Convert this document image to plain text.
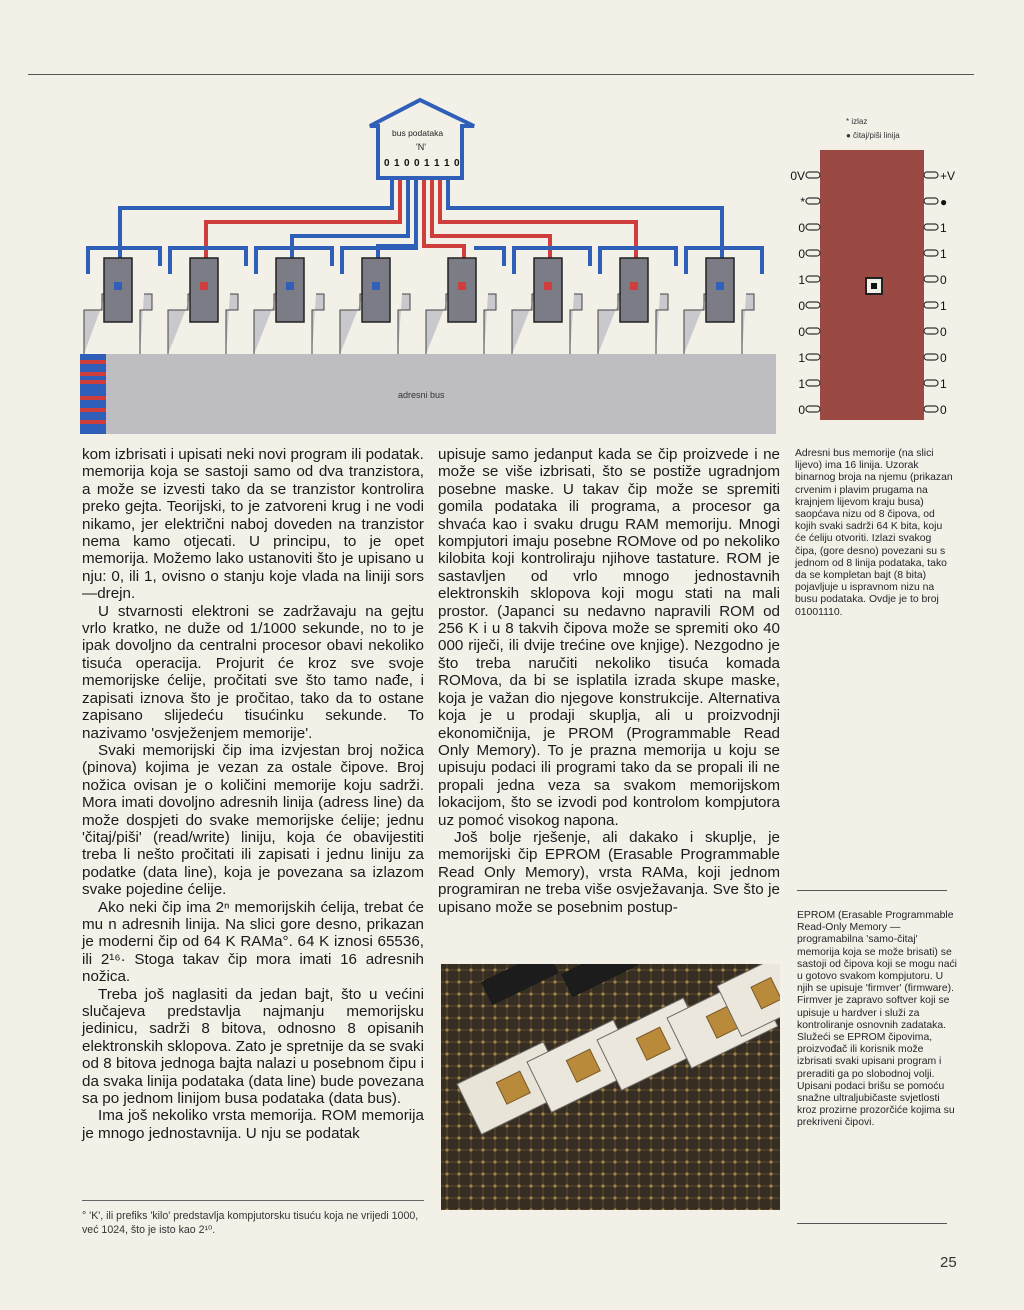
adresni bus
bus podataka
'N'
0 1 0 0 1 1 1 0
* izlaz
● čitaj/piši linija
0V
*
0
0
1
0
0
1
1
0
+V
●
1
1
0
1
0
0
1
0

kom izbrisati i upisati neki novi program ili podatak.

memorija koja se sastoji samo od dva tranzistora, a može se izvesti tako da se tranzistor kontrolira preko gejta. Teorijski, to je zatvoreni krug i ne vodi nikamo, jer električni naboj doveden na tranzistor nema kamo otjecati. U principu, to je opet memorija. Možemo lako ustanoviti što je upisano u nju: 0, ili 1, ovisno o stanju koje vlada na liniji sors—drejn.

U stvarnosti elektroni se zadržavaju na gejtu vrlo kratko, ne duže od 1/1000 sekunde, no to je ipak dovoljno da centralni procesor obavi nekoliko tisuća operacija. Projurit će kroz sve svoje memorijske ćelije, pročitati sve što tamo nađe, i zapisati iznova što je pročitao, tako da to ostane zapisano slijedeću tisućinku sekunde. To nazivamo 'osvježenjem memorije'.

Svaki memorijski čip ima izvjestan broj nožica (pinova) kojima je vezan za ostale čipove. Broj nožica ovisan je o količini memorije koju sadrži. Mora imati dovoljno adresnih linija (adress line) da može dospjeti do svake memorijske ćelije; jednu 'čitaj/piši' (read/write) liniju, koja će obavijestiti treba li nešto pročitati ili zapisati i jednu liniju za podatke (data line), koja je povezana sa izlazom svake pojedine ćelije.

Ako neki čip ima 2ⁿ memorijskih ćelija, trebat će mu n adresnih linija. Na slici gore desno, prikazan je moderni čip od 64 K RAMa°. 64 K iznosi 65536, ili 2¹⁶· Stoga takav čip mora imati 16 adresnih nožica.

Treba još naglasiti da jedan bajt, što u većini slučajeva predstavlja najmanju memorijsku jedinicu, sadrži 8 bitova, odnosno 8 opisanih elektronskih sklopova. Zato je spretnije da se svaki od 8 bitova jednoga bajta nalazi u posebnom čipu i da svaka linija podataka (data line) bude povezana sa po jednom linijom busa podataka (data bus).

Ima još nekoliko vrsta memorija. ROM memorija je mnogo jednostavnija. U nju se podatak

upisuje samo jedanput kada se čip proizvede i ne može se više izbrisati, što se postiže ugradnjom posebne maske. U takav čip može se spremiti gomila podataka ili programa, a procesor ga shvaća kao i svaku drugu RAM memoriju. Mnogi kompjutori imaju posebne ROMove od po nekoliko kilobita koji kontroliraju njihove tastature. ROM je sastavljen od vrlo mnogo jednostavnih elektronskih sklopova koji mogu stati na mali prostor. (Japanci su nedavno napravili ROM od 256 K i u 8 takvih čipova može se spremiti oko 40 000 riječi, ili dvije trećine ove knjige). Nezgodno je što treba naručiti nekoliko tisuća komada ROMova, da bi se isplatila izrada skupe maske, koja je važan dio njegove konstrukcije. Alternativa koja je u prodaji skuplja, ali u proizvodnji ekonomičnija, je PROM (Programmable Read Only Memory). To je prazna memorija u koju se upisuju podaci ili programi tako da se propali ili ne propali jedna veza sa svakom memorijskom lokacijom, što se izvodi pod kontrolom kompjutora uz pomoć visokog napona.

Još bolje rješenje, ali dakako i skuplje, je memorijski čip EPROM (Erasable Programmable Read Only Memory), vrsta RAMa, koji jednom programiran ne treba više osvježavanja. Sve što je upisano može se posebnim postup-

Adresni bus memorije (na slici lijevo) ima 16 linija. Uzorak binarnog broja na njemu (prikazan crvenim i plavim prugama na krajnjem lijevom kraju busa) saopćava nizu od 8 čipova, od kojih svaki sadrži 64 K bita, koju će ćeliju otvoriti. Izlazi svakog čipa, (gore desno) povezani su s jednom od 8 linija podataka, tako da se kompletan bajt (8 bita) pojavljuje u ispravnom nizu na busu podataka. Ovdje je to broj 01001110.
EPROM (Erasable Programmable Read-Only Memory — programabilna 'samo-čitaj' memorija koja se može brisati) se sastoji od čipova koji se mogu naći u gotovo svakom kompjutoru. U njih se upisuje 'firmver' (firmware). Firmver je zapravo softver koji se upisuje u hardver i služi za kontroliranje osnovnih zadataka. Služeći se EPROM čipovima, proizvođač ili korisnik može izbrisati svaki upisani program i preraditi ga po slobodnoj volji. Upisani podaci brišu se pomoću snažne ultraljubičaste svjetlosti kroz prozirne prozorčiće kojima su prekriveni čipovi.
° 'K', ili prefiks 'kilo' predstavlja kompjutorsku tisuću koja ne vrijedi 1000, već 1024, što je isto kao 2¹⁰.
25
